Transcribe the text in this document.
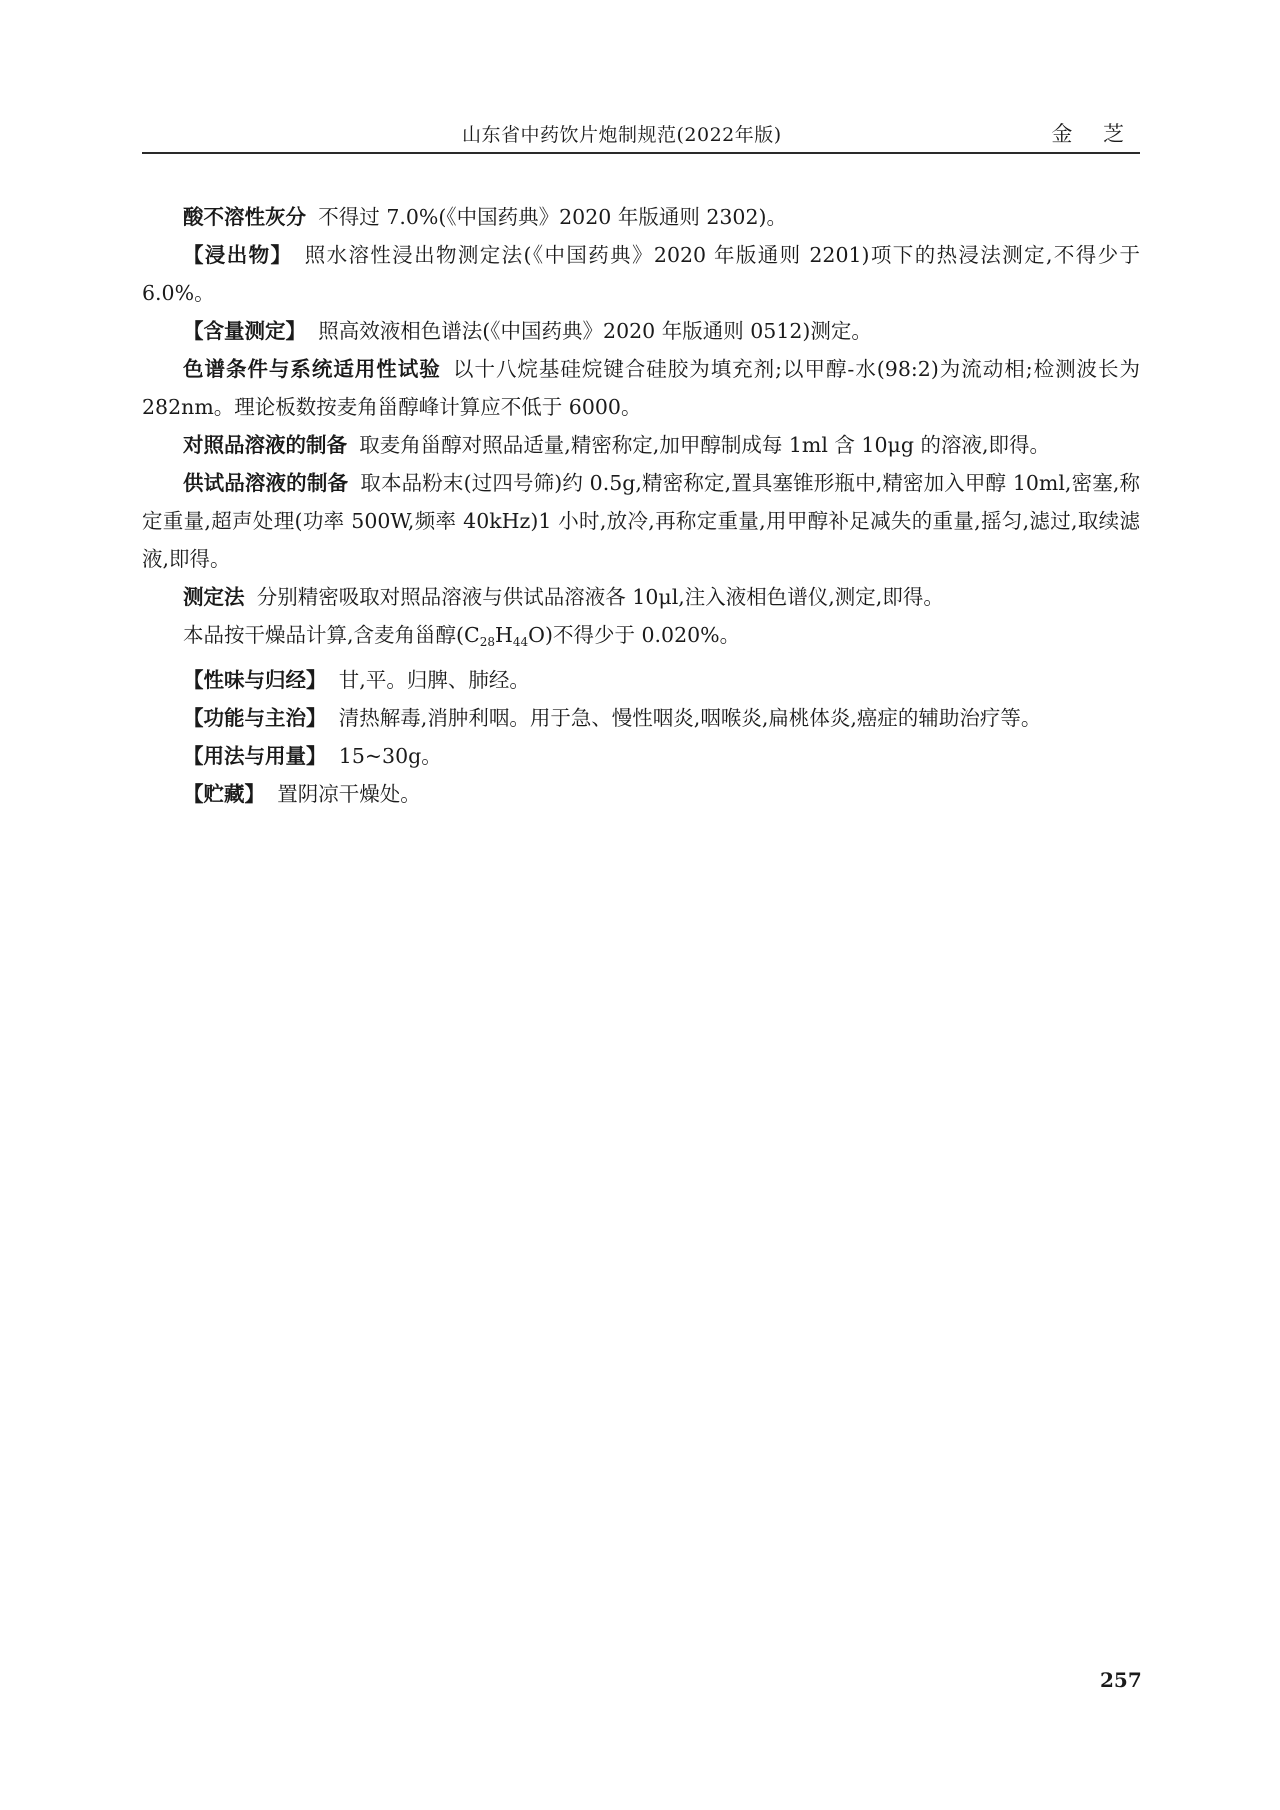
山东省中药饮片炮制规范(2022年版)	金 芝

酸不溶性灰分 不得过 7.0%(《中国药典》2020 年版通则 2302)。

【浸出物】 照水溶性浸出物测定法(《中国药典》2020 年版通则 2201)项下的热浸法测定,不得少于 6.0%。

【含量测定】 照高效液相色谱法(《中国药典》2020 年版通则 0512)测定。

色谱条件与系统适用性试验 以十八烷基硅烷键合硅胶为填充剂;以甲醇-水(98:2)为流动相;检测波长为 282nm。理论板数按麦角甾醇峰计算应不低于 6000。

对照品溶液的制备 取麦角甾醇对照品适量,精密称定,加甲醇制成每 1ml 含 10μg 的溶液,即得。

供试品溶液的制备 取本品粉末(过四号筛)约 0.5g,精密称定,置具塞锥形瓶中,精密加入甲醇 10ml,密塞,称定重量,超声处理(功率 500W,频率 40kHz)1 小时,放冷,再称定重量,用甲醇补足减失的重量,摇匀,滤过,取续滤液,即得。

测定法 分别精密吸取对照品溶液与供试品溶液各 10μl,注入液相色谱仪,测定,即得。

本品按干燥品计算,含麦角甾醇$(C_{28}H_{44}O)$不得少于 0.020%。

【性味与归经】 甘,平。归脾、肺经。

【功能与主治】 清热解毒,消肿利咽。用于急、慢性咽炎,咽喉炎,扁桃体炎,癌症的辅助治疗等。

【用法与用量】 15~30g。

【贮藏】 置阴凉干燥处。

257
